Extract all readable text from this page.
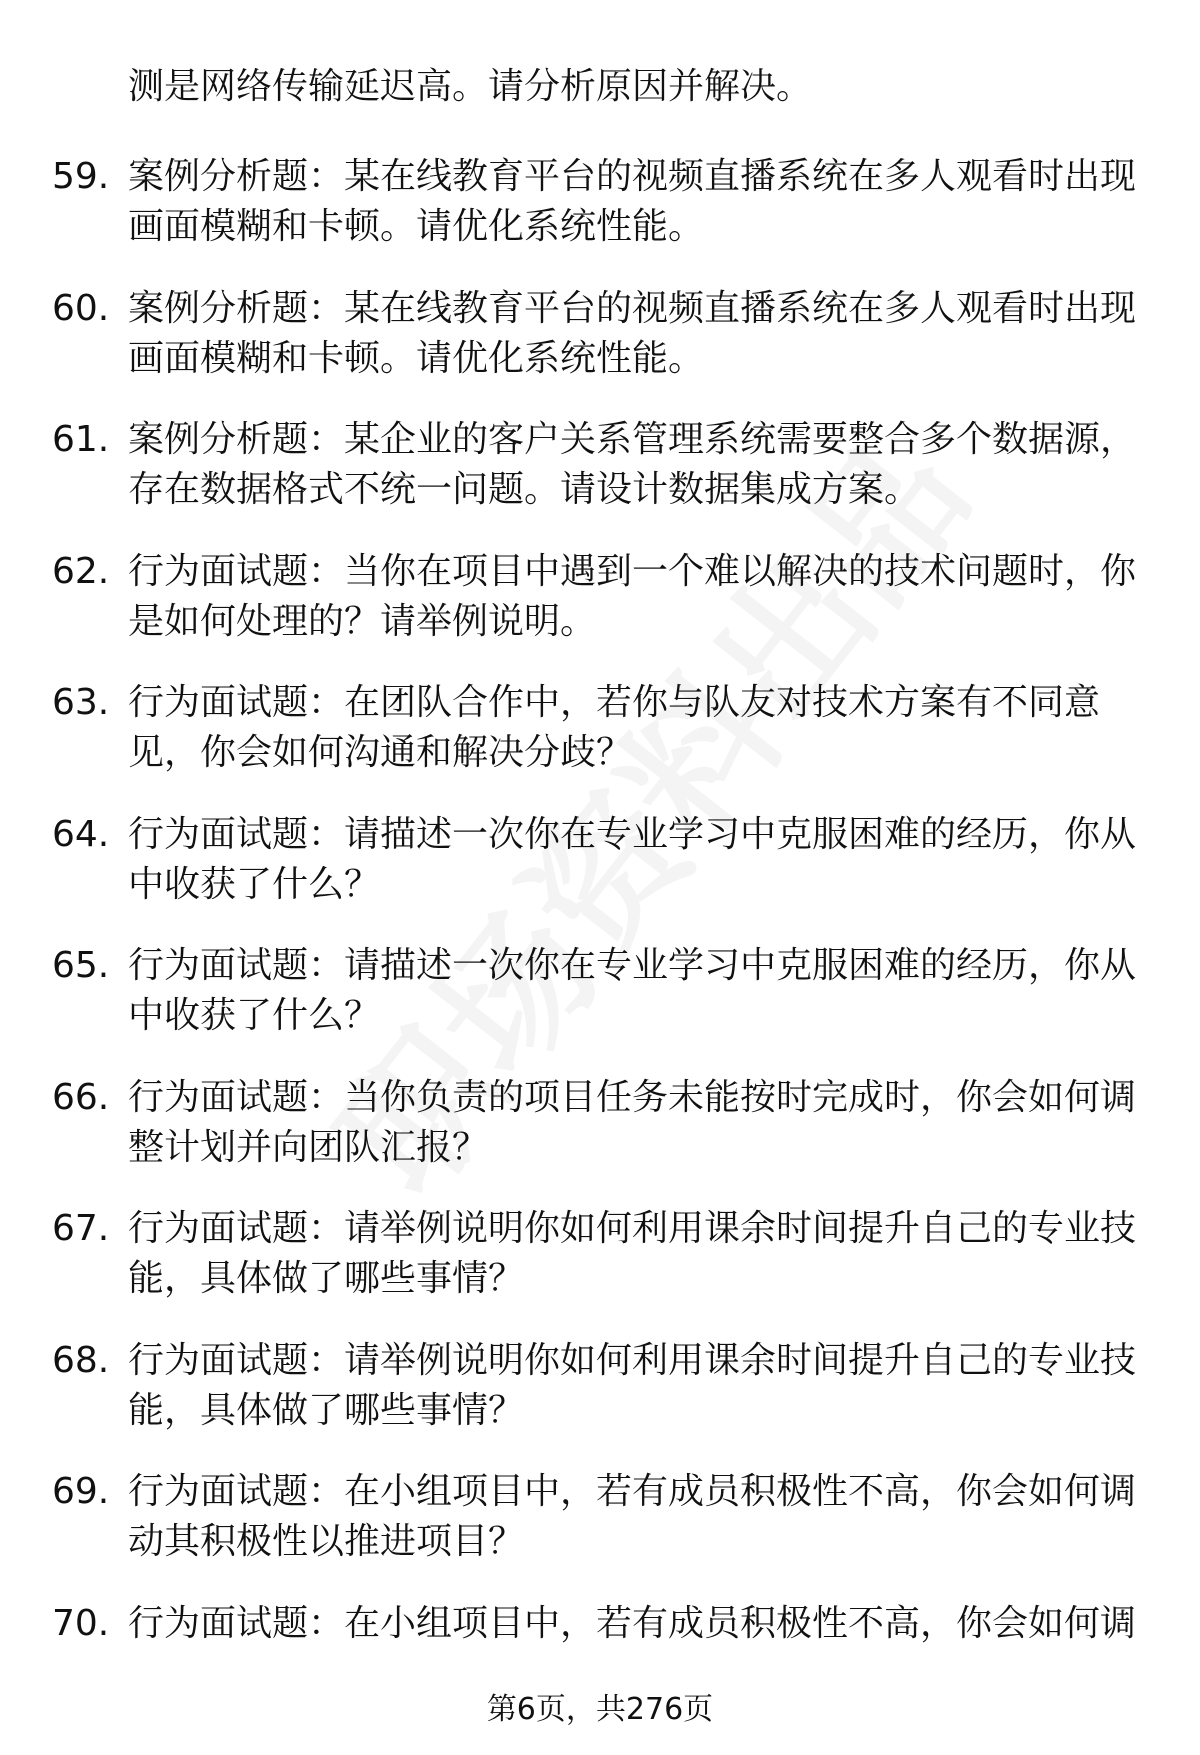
测是网络传输延迟高。请分析原因并解决。
59. 案例分析题：某在线教育平台的视频直播系统在多人观看时出现画面模糊和卡顿。请优化系统性能。
60. 案例分析题：某在线教育平台的视频直播系统在多人观看时出现画面模糊和卡顿。请优化系统性能。
61. 案例分析题：某企业的客户关系管理系统需要整合多个数据源，存在数据格式不统一问题。请设计数据集成方案。
62. 行为面试题：当你在项目中遇到一个难以解决的技术问题时，你是如何处理的？请举例说明。
63. 行为面试题：在团队合作中，若你与队友对技术方案有不同意见，你会如何沟通和解决分歧？
64. 行为面试题：请描述一次你在专业学习中克服困难的经历，你从中收获了什么？
65. 行为面试题：请描述一次你在专业学习中克服困难的经历，你从中收获了什么？
66. 行为面试题：当你负责的项目任务未能按时完成时，你会如何调整计划并向团队汇报？
67. 行为面试题：请举例说明你如何利用课余时间提升自己的专业技能，具体做了哪些事情？
68. 行为面试题：请举例说明你如何利用课余时间提升自己的专业技能，具体做了哪些事情？
69. 行为面试题：在小组项目中，若有成员积极性不高，你会如何调动其积极性以推进项目？
70. 行为面试题：在小组项目中，若有成员积极性不高，你会如何调
第6页，共276页
